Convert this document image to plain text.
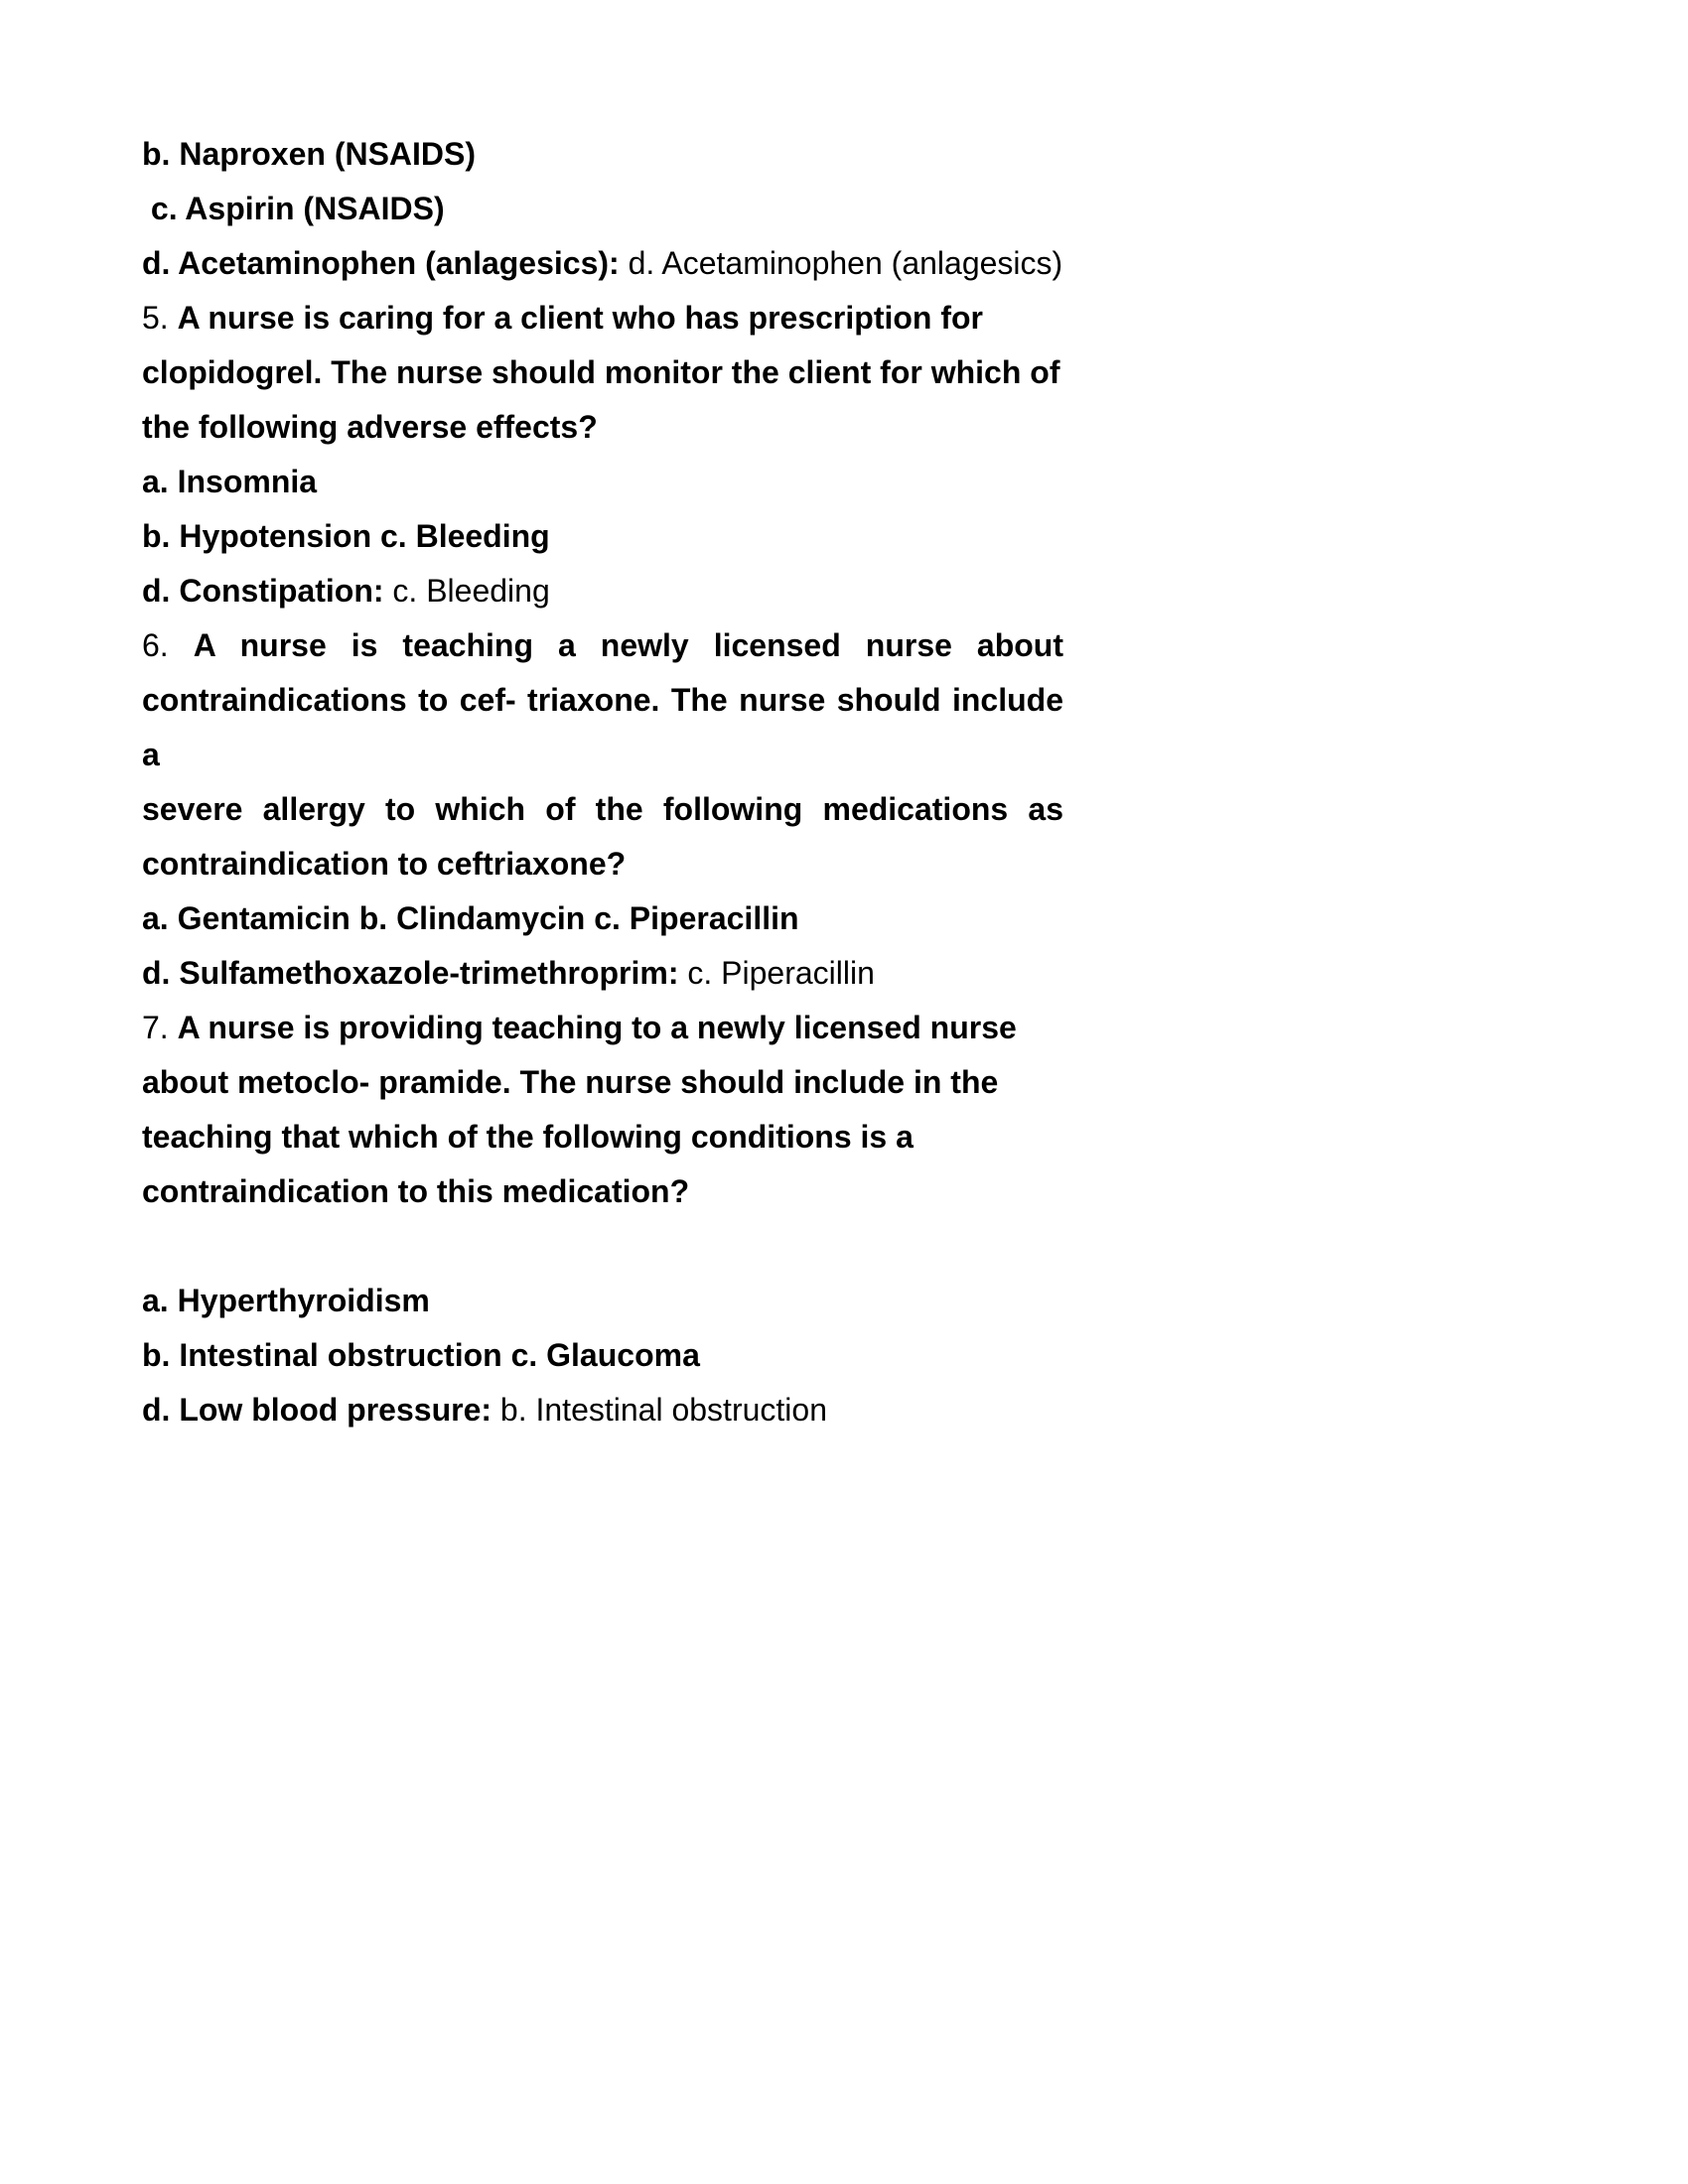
b. Naproxen (NSAIDS)
c. Aspirin (NSAIDS)
d. Acetaminophen (anlagesics): d. Acetaminophen (anlagesics)
5. A nurse is caring for a client who has prescription for
clopidogrel. The nurse should monitor the client for which of
the following adverse effects?
a. Insomnia
b. Hypotension c. Bleeding
d. Constipation: c. Bleeding
6. A nurse is teaching a newly licensed nurse about
contraindications to cef- triaxone. The nurse should include a
severe allergy to which of the following medications as
contraindication to ceftriaxone?
a. Gentamicin b. Clindamycin c. Piperacillin
d. Sulfamethoxazole-trimethroprim: c. Piperacillin
7. A nurse is providing teaching to a newly licensed nurse
about metoclo- pramide. The nurse should include in the
teaching that which of the following conditions is a
contraindication to this medication?
a. Hyperthyroidism
b. Intestinal obstruction c. Glaucoma
d. Low blood pressure: b. Intestinal obstruction
